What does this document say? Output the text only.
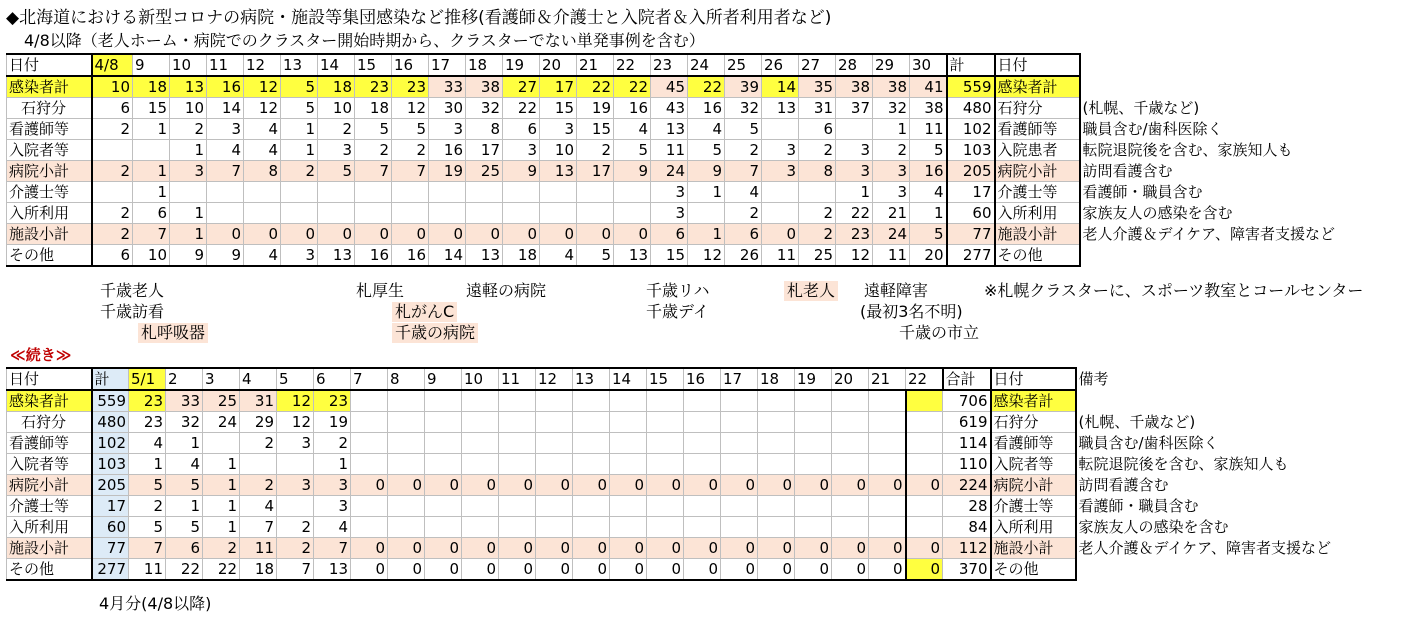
◆北海道における新型コロナの病院・施設等集団感染など推移(看護師＆介護士と入院者＆入所者利用者など)
4/8以降（老人ホーム・病院でのクラスター開始時期から、クラスターでない単発事例を含む）
日付	4/8	9	10	11	12	13	14	15	16	17	18	19	20	21	22	23	24	25	26	27	28	29	30	計	日付	
感染者計	10	18	13	16	12	5	18	23	23	33	38	27	17	22	22	45	22	39	14	35	38	38	41	559	感染者計	
石狩分	6	15	10	14	12	5	10	18	12	30	32	22	15	19	16	43	16	32	13	31	37	32	38	480	石狩分	(札幌、千歳など)
看護師等	2	1	2	3	4	1	2	5	5	3	8	6	3	15	4	13	4	5		6		1	11	102	看護師等	職員含む/歯科医除く
入院者等			1	4	4	1	3	2	2	16	17	3	10	2	5	11	5	2	3	2	3	2	5	103	入院患者	転院退院後を含む、家族知人も
病院小計	2	1	3	7	8	2	5	7	7	19	25	9	13	17	9	24	9	7	3	8	3	3	16	205	病院小計	訪問看護含む
介護士等		1														3	1	4			1	3	4	17	介護士等	看護師・職員含む
入所利用	2	6	1													3		2		2	22	21	1	60	入所利用	家族友人の感染を含む
施設小計	2	7	1	0	0	0	0	0	0	0	0	0	0	0	0	6	1	6	0	2	23	24	5	77	施設小計	老人介護＆デイケア、障害者支援など
その他	6	10	9	9	4	3	13	16	16	14	13	18	4	5	13	15	12	26	11	25	12	11	20	277	その他	
千歳老人
千歳訪看
札呼吸器
札厚生
札がんC
千歳の病院
遠軽の病院	千歳リハ
千歳デイ
札老人 遠軽障害
(最初3名不明)
千歳の市立
※札幌クラスターに、スポーツ教室とコールセンター
≪続き≫
日付	計	5/1	2	3	4	5	6	7	8	9	10	11	12	13	14	15	16	17	18	19	20	21	22	合計	日付	備考
感染者計	559	23	33	25	31	12	23																	706	感染者計	
石狩分	480	23	32	24	29	12	19																	619	石狩分	(札幌、千歳など)
看護師等	102	4	1		2	3	2																	114	看護師等	職員含む/歯科医除く
入院者等	103	1	4	1			1																	110	入院者等	転院退院後を含む、家族知人も
病院小計	205	5	5	1	2	3	3	0	0	0	0	0	0	0	0	0	0	0	0	0	0	0	0	224	病院小計	訪問看護含む
介護士等	17	2	1	1	4		3																	28	介護士等	看護師・職員含む
入所利用	60	5	5	1	7	2	4																	84	入所利用	家族友人の感染を含む
施設小計	77	7	6	2	11	2	7	0	0	0	0	0	0	0	0	0	0	0	0	0	0	0	0	112	施設小計	老人介護＆デイケア、障害者支援など
その他	277	11	22	22	18	7	13	0	0	0	0	0	0	0	0	0	0	0	0	0	0	0	0	370	その他	
4月分(4/8以降)
